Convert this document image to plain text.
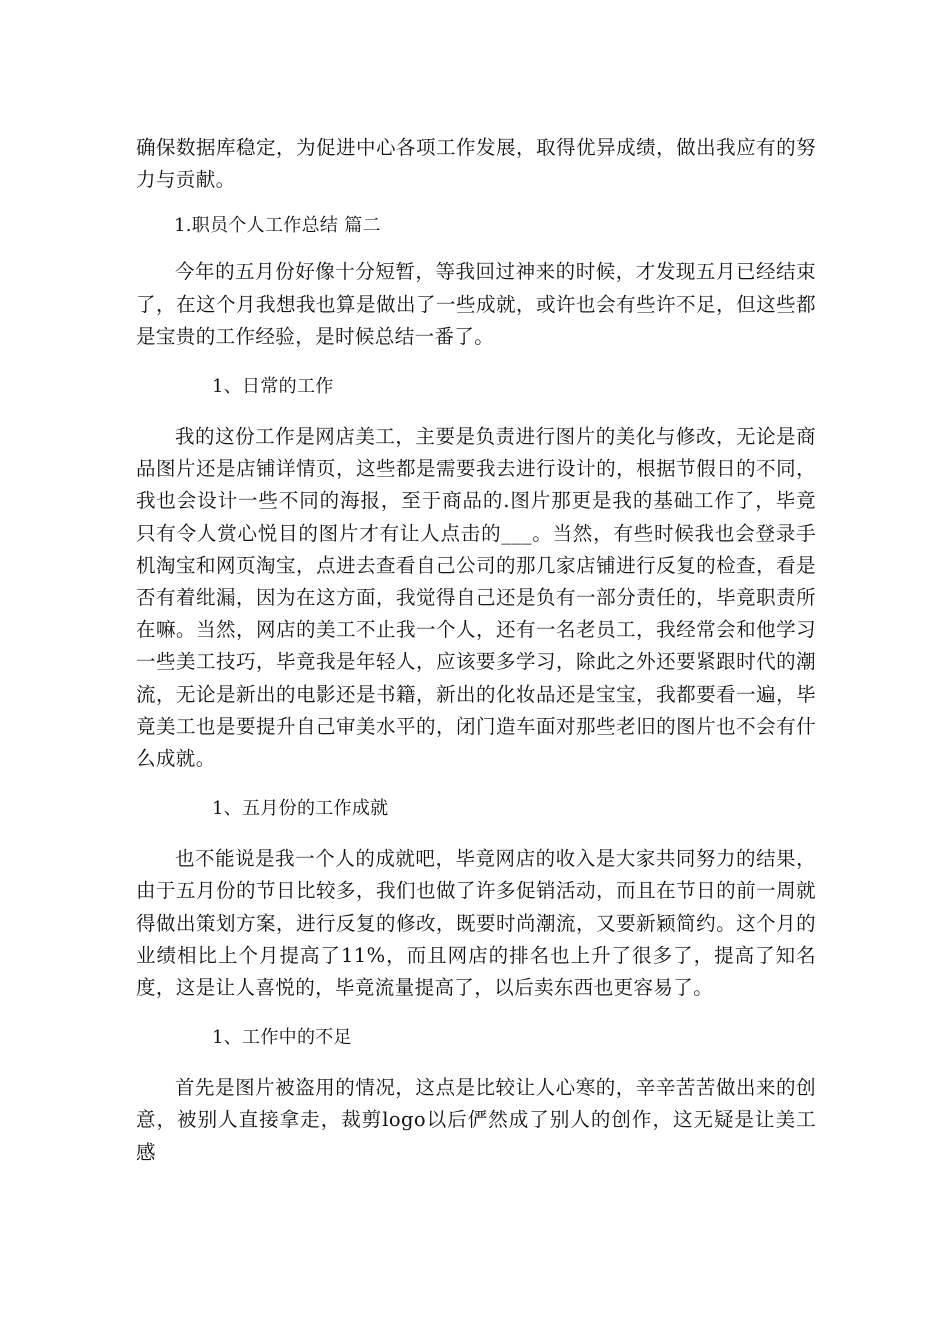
确保数据库稳定，为促进中心各项工作发展，取得优异成绩，做出我应有的努力与贡献。

1.职员个人工作总结 篇二

今年的五月份好像十分短暂，等我回过神来的时候，才发现五月已经结束了，在这个月我想我也算是做出了一些成就，或许也会有些许不足，但这些都是宝贵的工作经验，是时候总结一番了。

1、日常的工作

我的这份工作是网店美工，主要是负责进行图片的美化与修改，无论是商品图片还是店铺详情页，这些都是需要我去进行设计的，根据节假日的不同，我也会设计一些不同的海报，至于商品的.图片那更是我的基础工作了，毕竟只有令人赏心悦目的图片才有让人点击的___。当然，有些时候我也会登录手机淘宝和网页淘宝，点进去查看自己公司的那几家店铺进行反复的检查，看是否有着纰漏，因为在这方面，我觉得自己还是负有一部分责任的，毕竟职责所在嘛。当然，网店的美工不止我一个人，还有一名老员工，我经常会和他学习一些美工技巧，毕竟我是年轻人，应该要多学习，除此之外还要紧跟时代的潮流，无论是新出的电影还是书籍，新出的化妆品还是宝宝，我都要看一遍，毕竟美工也是要提升自己审美水平的，闭门造车面对那些老旧的图片也不会有什么成就。

1、五月份的工作成就

也不能说是我一个人的成就吧，毕竟网店的收入是大家共同努力的结果，由于五月份的节日比较多，我们也做了许多促销活动，而且在节日的前一周就得做出策划方案，进行反复的修改，既要时尚潮流，又要新颖简约。这个月的业绩相比上个月提高了11%，而且网店的排名也上升了很多了，提高了知名度，这是让人喜悦的，毕竟流量提高了，以后卖东西也更容易了。

1、工作中的不足

首先是图片被盗用的情况，这点是比较让人心寒的，辛辛苦苦做出来的创意，被别人直接拿走，裁剪logo以后俨然成了别人的创作，这无疑是让美工感
